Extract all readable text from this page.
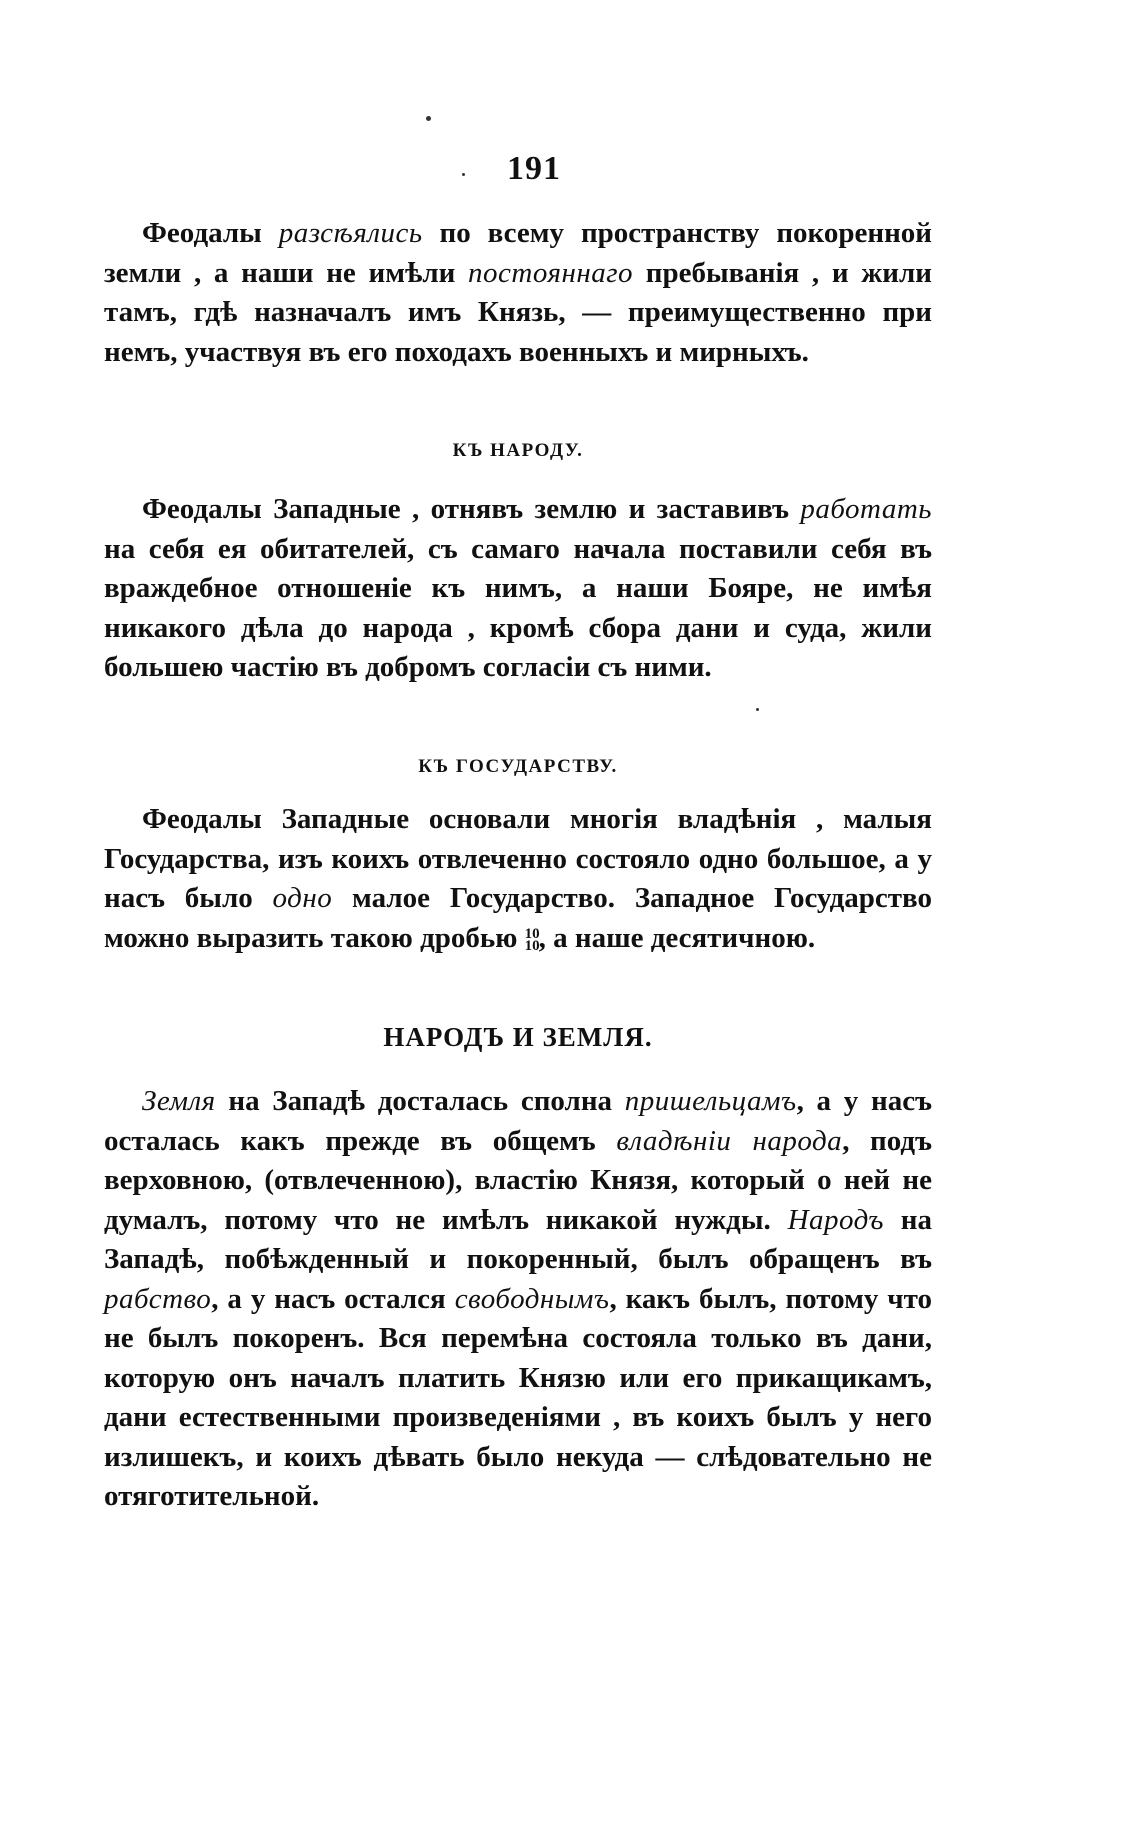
191

Феодалы разсѣялись по всему пространству покоренной земли , а наши не имѣли постояннаго пребыванія , и жили тамъ, гдѣ назначалъ имъ Князь, — преимущественно при немъ, участвуя въ его походахъ военныхъ и мирныхъ.

КЪ НАРОДУ.

Феодалы Западные , отнявъ землю и заставивъ работать на себя ея обитателей, съ самаго начала поставили себя въ враждебное отношеніе къ нимъ, а наши Бояре, не имѣя никакого дѣла до народа , кромѣ сбора дани и суда, жили большею частію въ добромъ согласіи съ ними.

КЪ ГОСУДАРСТВУ.

Феодалы Западные основали многія владѣнія , малыя Государства, изъ коихъ отвлеченно состояло одно большое, а у насъ было одно малое Государство. Западное Государство можно выразить такою дробью 10
10 , а наше десятичною.

НАРОДЪ И ЗЕМЛЯ.

Земля на Западѣ досталась сполна пришельцамъ, а у насъ осталась какъ прежде въ общемъ владѣніи народа, подъ верховною, (отвлеченною), властію Князя, который о ней не думалъ, потому что не имѣлъ никакой нужды. Народъ на Западѣ, побѣжденный и покоренный, былъ обращенъ въ рабство, а у насъ остался свободнымъ, какъ былъ, потому что не былъ покоренъ. Вся перемѣна состояла только въ дани, которую онъ началъ платить Князю или его прикащикамъ, дани естественными произведеніями , въ коихъ былъ у него излишекъ, и коихъ дѣвать было некуда — слѣдовательно не отяготительной.
